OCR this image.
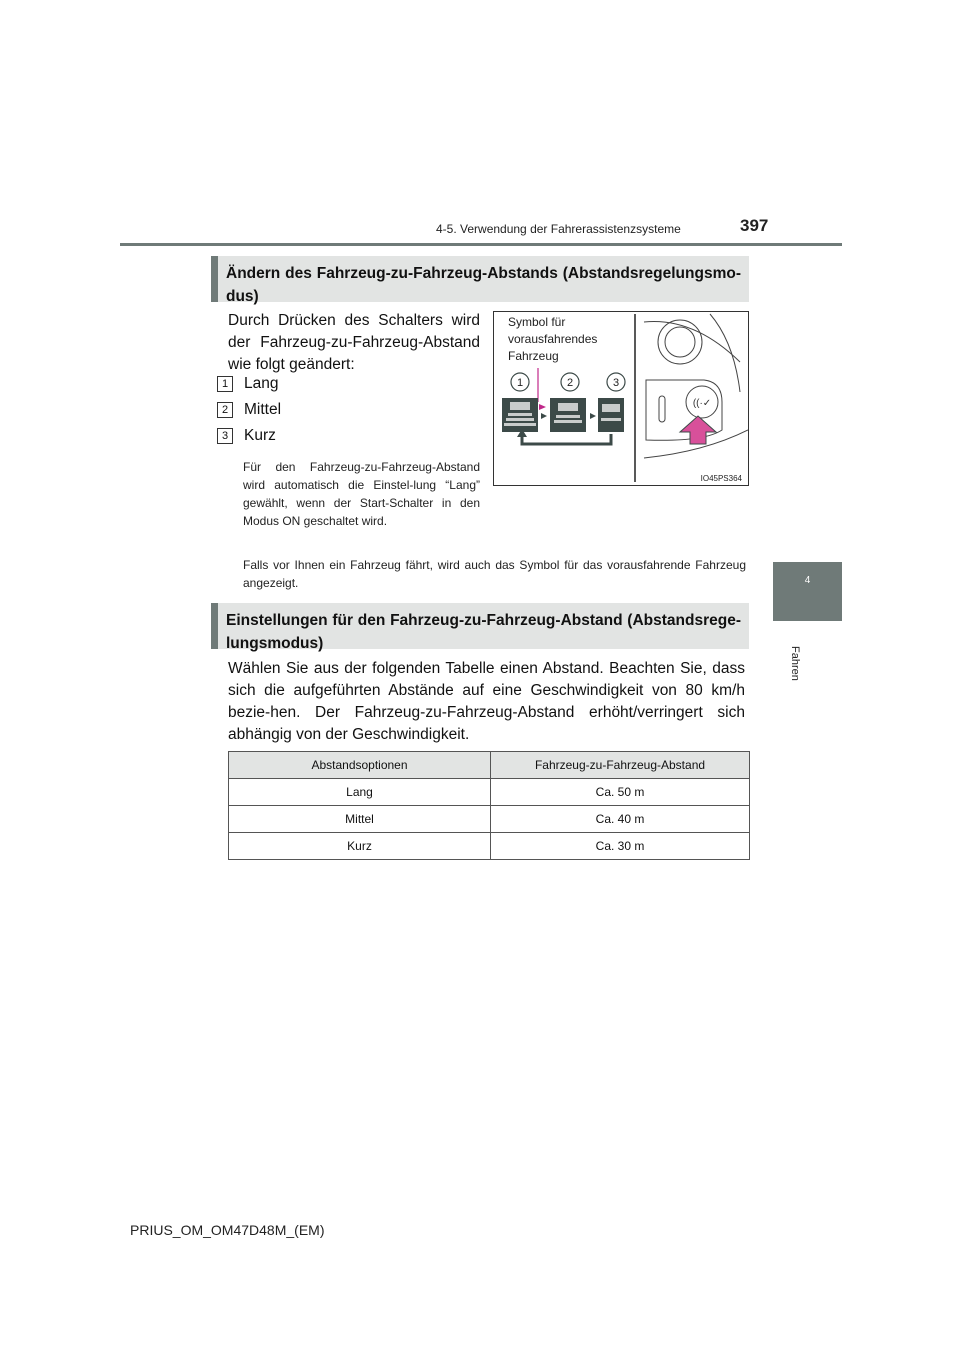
4-5. Verwendung der Fahrerassistenzsysteme	397
4
Fahren
Ändern des Fahrzeug-zu-Fahrzeug-Abstands (Abstandsregelungsmo-dus)
Durch Drücken des Schalters wird der Fahrzeug-zu-Fahrzeug-Abstand wie folgt geändert:
1 Lang
2 Mittel
3 Kurz
Für den Fahrzeug-zu-Fahrzeug-Abstand wird automatisch die Einstel-lung “Lang” gewählt, wenn der Start-Schalter in den Modus ON geschaltet wird.
Falls vor Ihnen ein Fahrzeug fährt, wird auch das Symbol für das vorausfahrende Fahrzeug angezeigt.
Symbol für
vorausfahrendes
Fahrzeug
1	2	3
((·✓
IO45PS364
Einstellungen für den Fahrzeug-zu-Fahrzeug-Abstand (Abstandsrege-lungsmodus)
Wählen Sie aus der folgenden Tabelle einen Abstand. Beachten Sie, dass sich die aufgeführten Abstände auf eine Geschwindigkeit von 80 km/h bezie-hen. Der Fahrzeug-zu-Fahrzeug-Abstand erhöht/verringert sich abhängig von der Geschwindigkeit.
Abstandsoptionen	Fahrzeug-zu-Fahrzeug-Abstand
Lang	Ca. 50 m
Mittel	Ca. 40 m
Kurz	Ca. 30 m
PRIUS_OM_OM47D48M_(EM)
